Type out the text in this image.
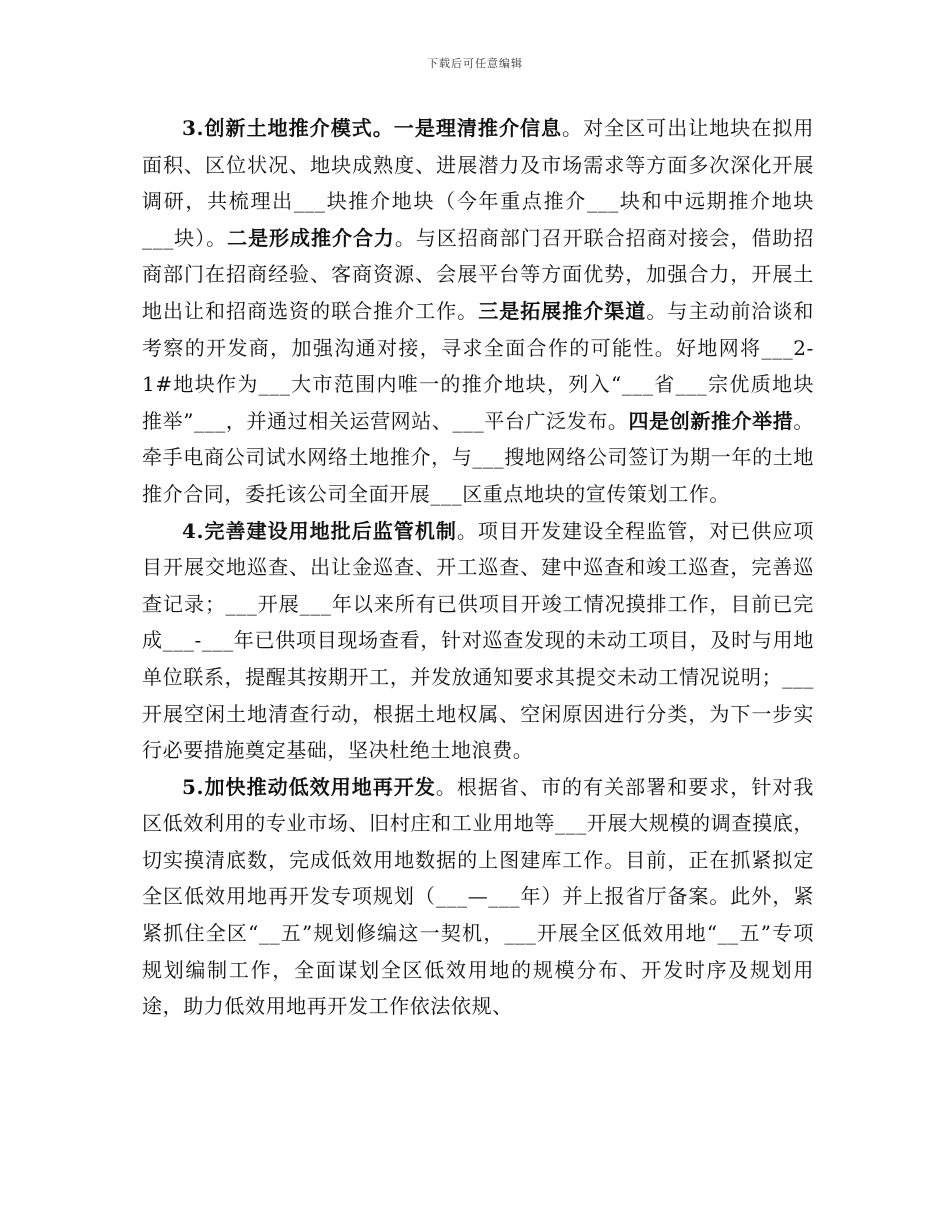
下载后可任意编辑

3.创新土地推介模式。一是理清推介信息。对全区可出让地块在拟用面积、区位状况、地块成熟度、进展潜力及市场需求等方面多次深化开展调研，共梳理出___块推介地块（今年重点推介___块和中远期推介地块___块）。二是形成推介合力。与区招商部门召开联合招商对接会，借助招商部门在招商经验、客商资源、会展平台等方面优势，加强合力，开展土地出让和招商选资的联合推介工作。三是拓展推介渠道。与主动前洽谈和考察的开发商，加强沟通对接，寻求全面合作的可能性。好地网将___2-1#地块作为___大市范围内唯一的推介地块，列入“___省___宗优质地块推举”___，并通过相关运营网站、___平台广泛发布。四是创新推介举措。牵手电商公司试水网络土地推介，与___搜地网络公司签订为期一年的土地推介合同，委托该公司全面开展___区重点地块的宣传策划工作。

4.完善建设用地批后监管机制。项目开发建设全程监管，对已供应项目开展交地巡查、出让金巡查、开工巡查、建中巡查和竣工巡查，完善巡查记录；___开展___年以来所有已供项目开竣工情况摸排工作，目前已完成___-___年已供项目现场查看，针对巡查发现的未动工项目，及时与用地单位联系，提醒其按期开工，并发放通知要求其提交未动工情况说明；___开展空闲土地清查行动，根据土地权属、空闲原因进行分类，为下一步实行必要措施奠定基础，坚决杜绝土地浪费。

5.加快推动低效用地再开发。根据省、市的有关部署和要求，针对我区低效利用的专业市场、旧村庄和工业用地等___开展大规模的调查摸底，切实摸清底数，完成低效用地数据的上图建库工作。目前，正在抓紧拟定全区低效用地再开发专项规划（___—___年）并上报省厅备案。此外，紧紧抓住全区“__五”规划修编这一契机，___开展全区低效用地“__五”专项规划编制工作，全面谋划全区低效用地的规模分布、开发时序及规划用途，助力低效用地再开发工作依法依规、
